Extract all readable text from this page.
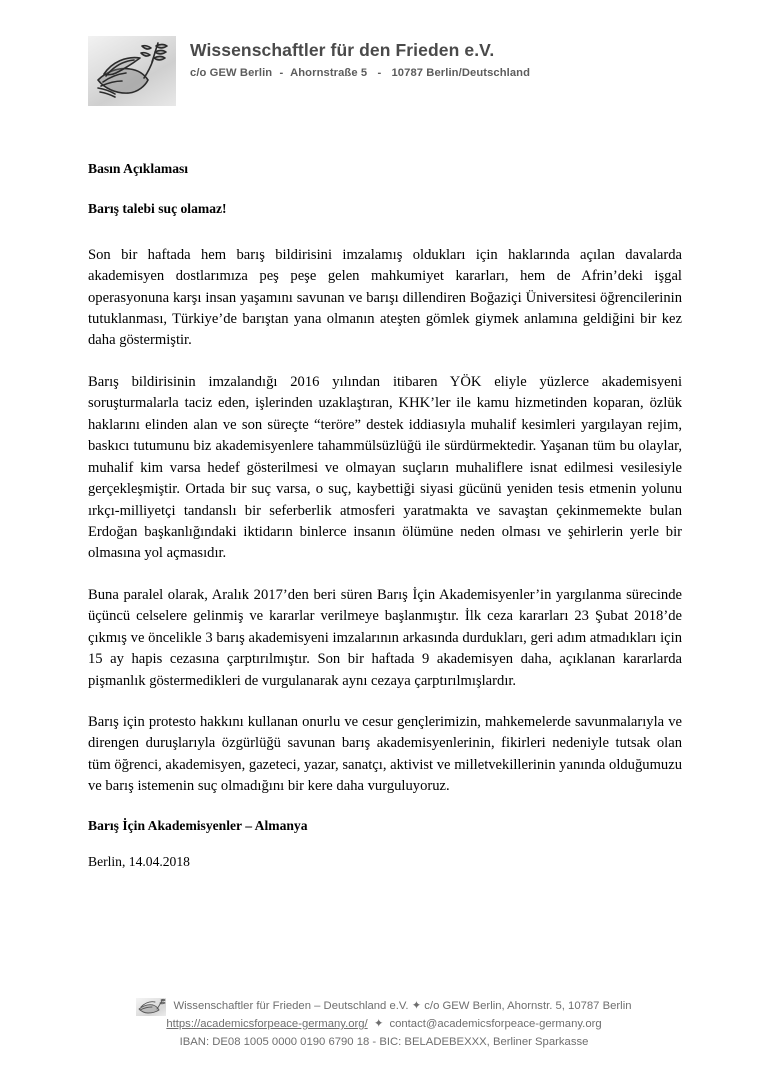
Wissenschaftler für den Frieden e.V.
c/o GEW Berlin - Ahornstraße 5 - 10787 Berlin/Deutschland
Basın Açıklaması
Barış talebi suç olamaz!

Son bir haftada hem barış bildirisini imzalamış oldukları için haklarında açılan davalarda akademisyen dostlarımıza peş peşe gelen mahkumiyet kararları, hem de Afrin’deki işgal operasyonuna karşı insan yaşamını savunan ve barışı dillendiren Boğaziçi Üniversitesi öğrencilerinin tutuklanması, Türkiye’de barıştan yana olmanın ateşten gömlek giymek anlamına geldiğini bir kez daha göstermiştir.

Barış bildirisinin imzalandığı 2016 yılından itibaren YÖK eliyle yüzlerce akademisyeni soruşturmalarla taciz eden, işlerinden uzaklaştıran, KHK’ler ile kamu hizmetinden koparan, özlük haklarını elinden alan ve son süreçte “teröre” destek iddiasıyla muhalif kesimleri yargılayan rejim, baskıcı tutumunu biz akademisyenlere tahammülsüzlüğü ile sürdürmektedir. Yaşanan tüm bu olaylar, muhalif kim varsa hedef gösterilmesi ve olmayan suçların muhaliflere isnat edilmesi vesilesiyle gerçekleşmiştir. Ortada bir suç varsa, o suç, kaybettiği siyasi gücünü yeniden tesis etmenin yolunu ırkçı-milliyetçi tandanslı bir seferberlik atmosferi yaratmakta ve savaştan çekinmemekte bulan Erdoğan başkanlığındaki iktidarın binlerce insanın ölümüne neden olması ve şehirlerin yerle bir olmasına yol açmasıdır.

Buna paralel olarak, Aralık 2017’den beri süren Barış İçin Akademisyenler’in yargılanma sürecinde üçüncü celselere gelinmiş ve kararlar verilmeye başlanmıştır. İlk ceza kararları 23 Şubat 2018’de çıkmış ve öncelikle 3 barış akademisyeni imzalarının arkasında durdukları, geri adım atmadıkları için 15 ay hapis cezasına çarptırılmıştır. Son bir haftada 9 akademisyen daha, açıklanan kararlarda pişmanlık göstermedikleri de vurgulanarak aynı cezaya çarptırılmışlardır.

Barış için protesto hakkını kullanan onurlu ve cesur gençlerimizin, mahkemelerde savunmalarıyla ve direngen duruşlarıyla özgürlüğü savunan barış akademisyenlerinin, fikirleri nedeniyle tutsak olan tüm öğrenci, akademisyen, gazeteci, yazar, sanatçı, aktivist ve milletvekillerinin yanında olduğumuzu ve barış istemenin suç olmadığını bir kere daha vurguluyoruz.

Barış İçin Akademisyenler – Almanya
Berlin, 14.04.2018
Wissenschaftler für Frieden – Deutschland e.V. ✦ c/o GEW Berlin, Ahornstr. 5, 10787 Berlin
https://academicsforpeace-germany.org/ ✦ contact@academicsforpeace-germany.org
IBAN: DE08 1005 0000 0190 6790 18 - BIC: BELADEBEXXX, Berliner Sparkasse
